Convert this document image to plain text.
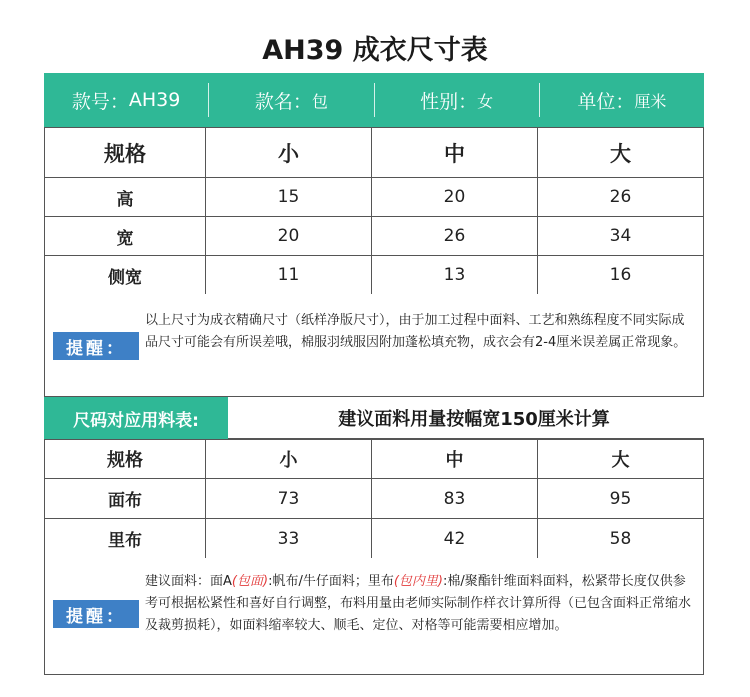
AH39 成衣尺寸表
款号： AH39	款名： 包	性别： 女	单位： 厘米
规格	小	中	大
高	15	20	26
宽	20	26	34
侧宽	11	13	16
提醒：
以上尺寸为成衣精确尺寸（纸样净版尺寸），由于加工过程中面料、工艺和熟练程度不同实际成品尺寸可能会有所误差哦，棉服羽绒服因附加蓬松填充物，成衣会有2-4厘米误差属正常现象。
尺码对应用料表:	建议面料用量按幅宽150厘米计算
规格	小	中	大
面布	73	83	95
里布	33	42	58
提醒：
建议面料：面A(包面):帆布/牛仔面料；里布(包内里):棉/聚酯针维面料面料，松紧带长度仅供参考可根据松紧性和喜好自行调整，布料用量由老师实际制作样衣计算所得（已包含面料正常缩水及裁剪损耗），如面料缩率较大、顺毛、定位、对格等可能需要相应增加。
